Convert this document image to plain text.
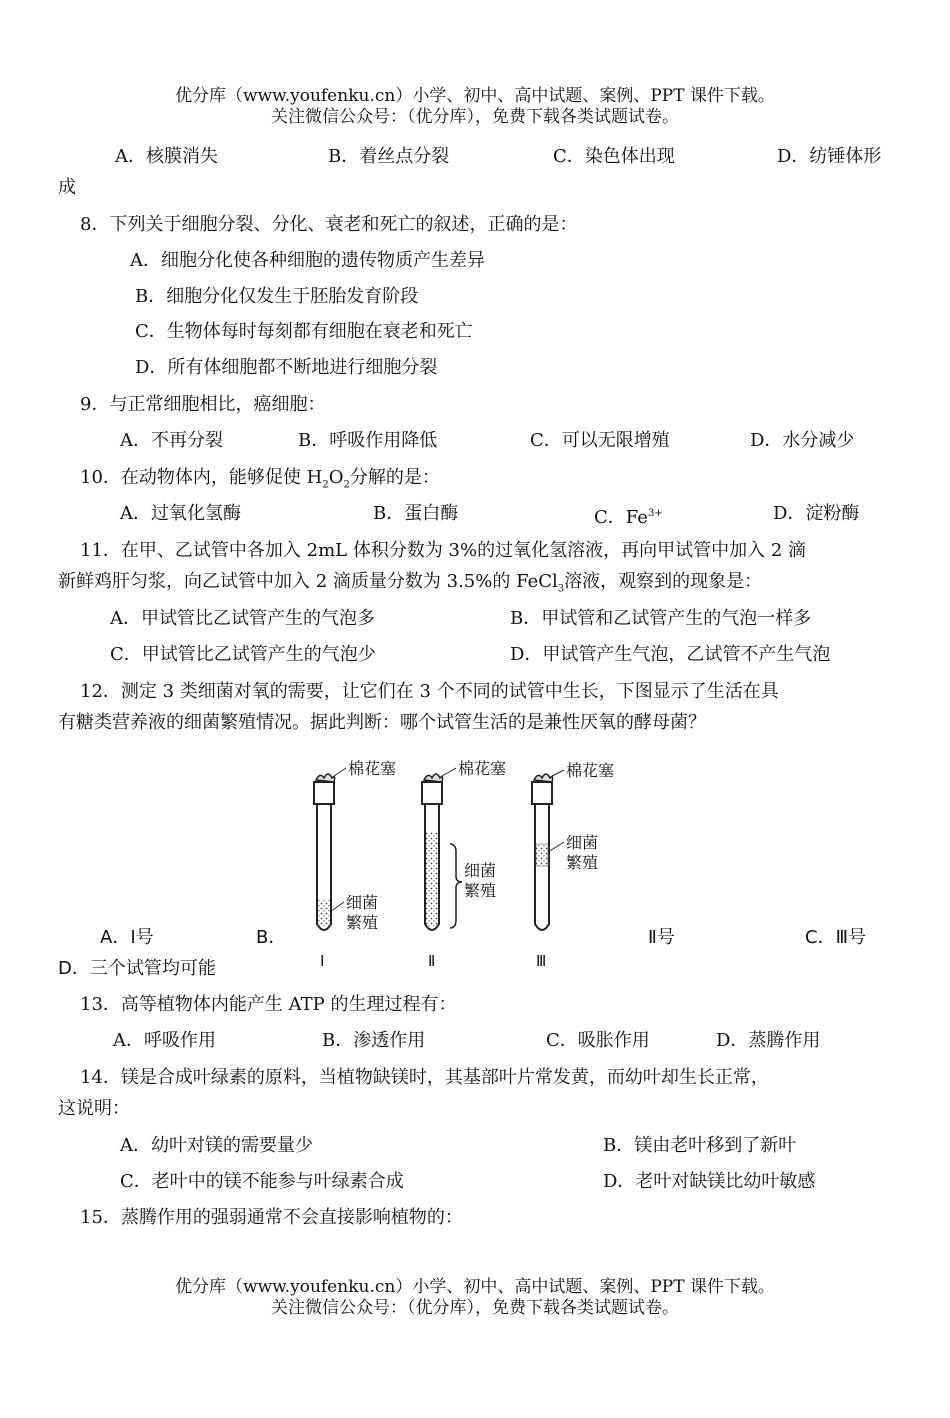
优分库（www.youfenku.cn）小学、初中、高中试题、案例、PPT 课件下载。
关注微信公众号：（优分库），免费下载各类试题试卷。
A．核膜消失	B．着丝点分裂	C．染色体出现	D．纺锤体形
成
8．下列关于细胞分裂、分化、衰老和死亡的叙述，正确的是：
A．细胞分化使各种细胞的遗传物质产生差异
B．细胞分化仅发生于胚胎发育阶段
C．生物体每时每刻都有细胞在衰老和死亡
D．所有体细胞都不断地进行细胞分裂
9．与正常细胞相比，癌细胞：
A．不再分裂	B．呼吸作用降低	C．可以无限增殖	D．水分减少
10．在动物体内，能够促使 $H_2O_2$分解的是：
A．过氧化氢酶	B．蛋白酶	C．$Fe^{3+}$	D．淀粉酶
11．在甲、乙试管中各加入 2mL 体积分数为 3%的过氧化氢溶液，再向甲试管中加入 2 滴
新鲜鸡肝匀浆，向乙试管中加入 2 滴质量分数为 3.5%的 FeCl$_3$溶液，观察到的现象是：
A．甲试管比乙试管产生的气泡多	B．甲试管和乙试管产生的气泡一样多
C．甲试管比乙试管产生的气泡少	D．甲试管产生气泡，乙试管不产生气泡
12．测定 3 类细菌对氧的需要，让它们在 3 个不同的试管中生长，下图显示了生活在具
有糖类营养液的细菌繁殖情况。据此判断：哪个试管生活的是兼性厌氧的酵母菌？
棉花塞	棉花塞	棉花塞
细菌
繁殖
细菌
繁殖
细菌
繁殖
Ⅰ	Ⅱ	Ⅲ
A．Ⅰ号	B．	Ⅱ号	C．Ⅲ号
D．三个试管均可能
13．高等植物体内能产生 ATP 的生理过程有：
A．呼吸作用	B．渗透作用	C．吸胀作用	D．蒸腾作用
14．镁是合成叶绿素的原料，当植物缺镁时，其基部叶片常发黄，而幼叶却生长正常，
这说明：
A．幼叶对镁的需要量少	B．镁由老叶移到了新叶
C．老叶中的镁不能参与叶绿素合成	D．老叶对缺镁比幼叶敏感
15．蒸腾作用的强弱通常不会直接影响植物的：
优分库（www.youfenku.cn）小学、初中、高中试题、案例、PPT 课件下载。
关注微信公众号：（优分库），免费下载各类试题试卷。
